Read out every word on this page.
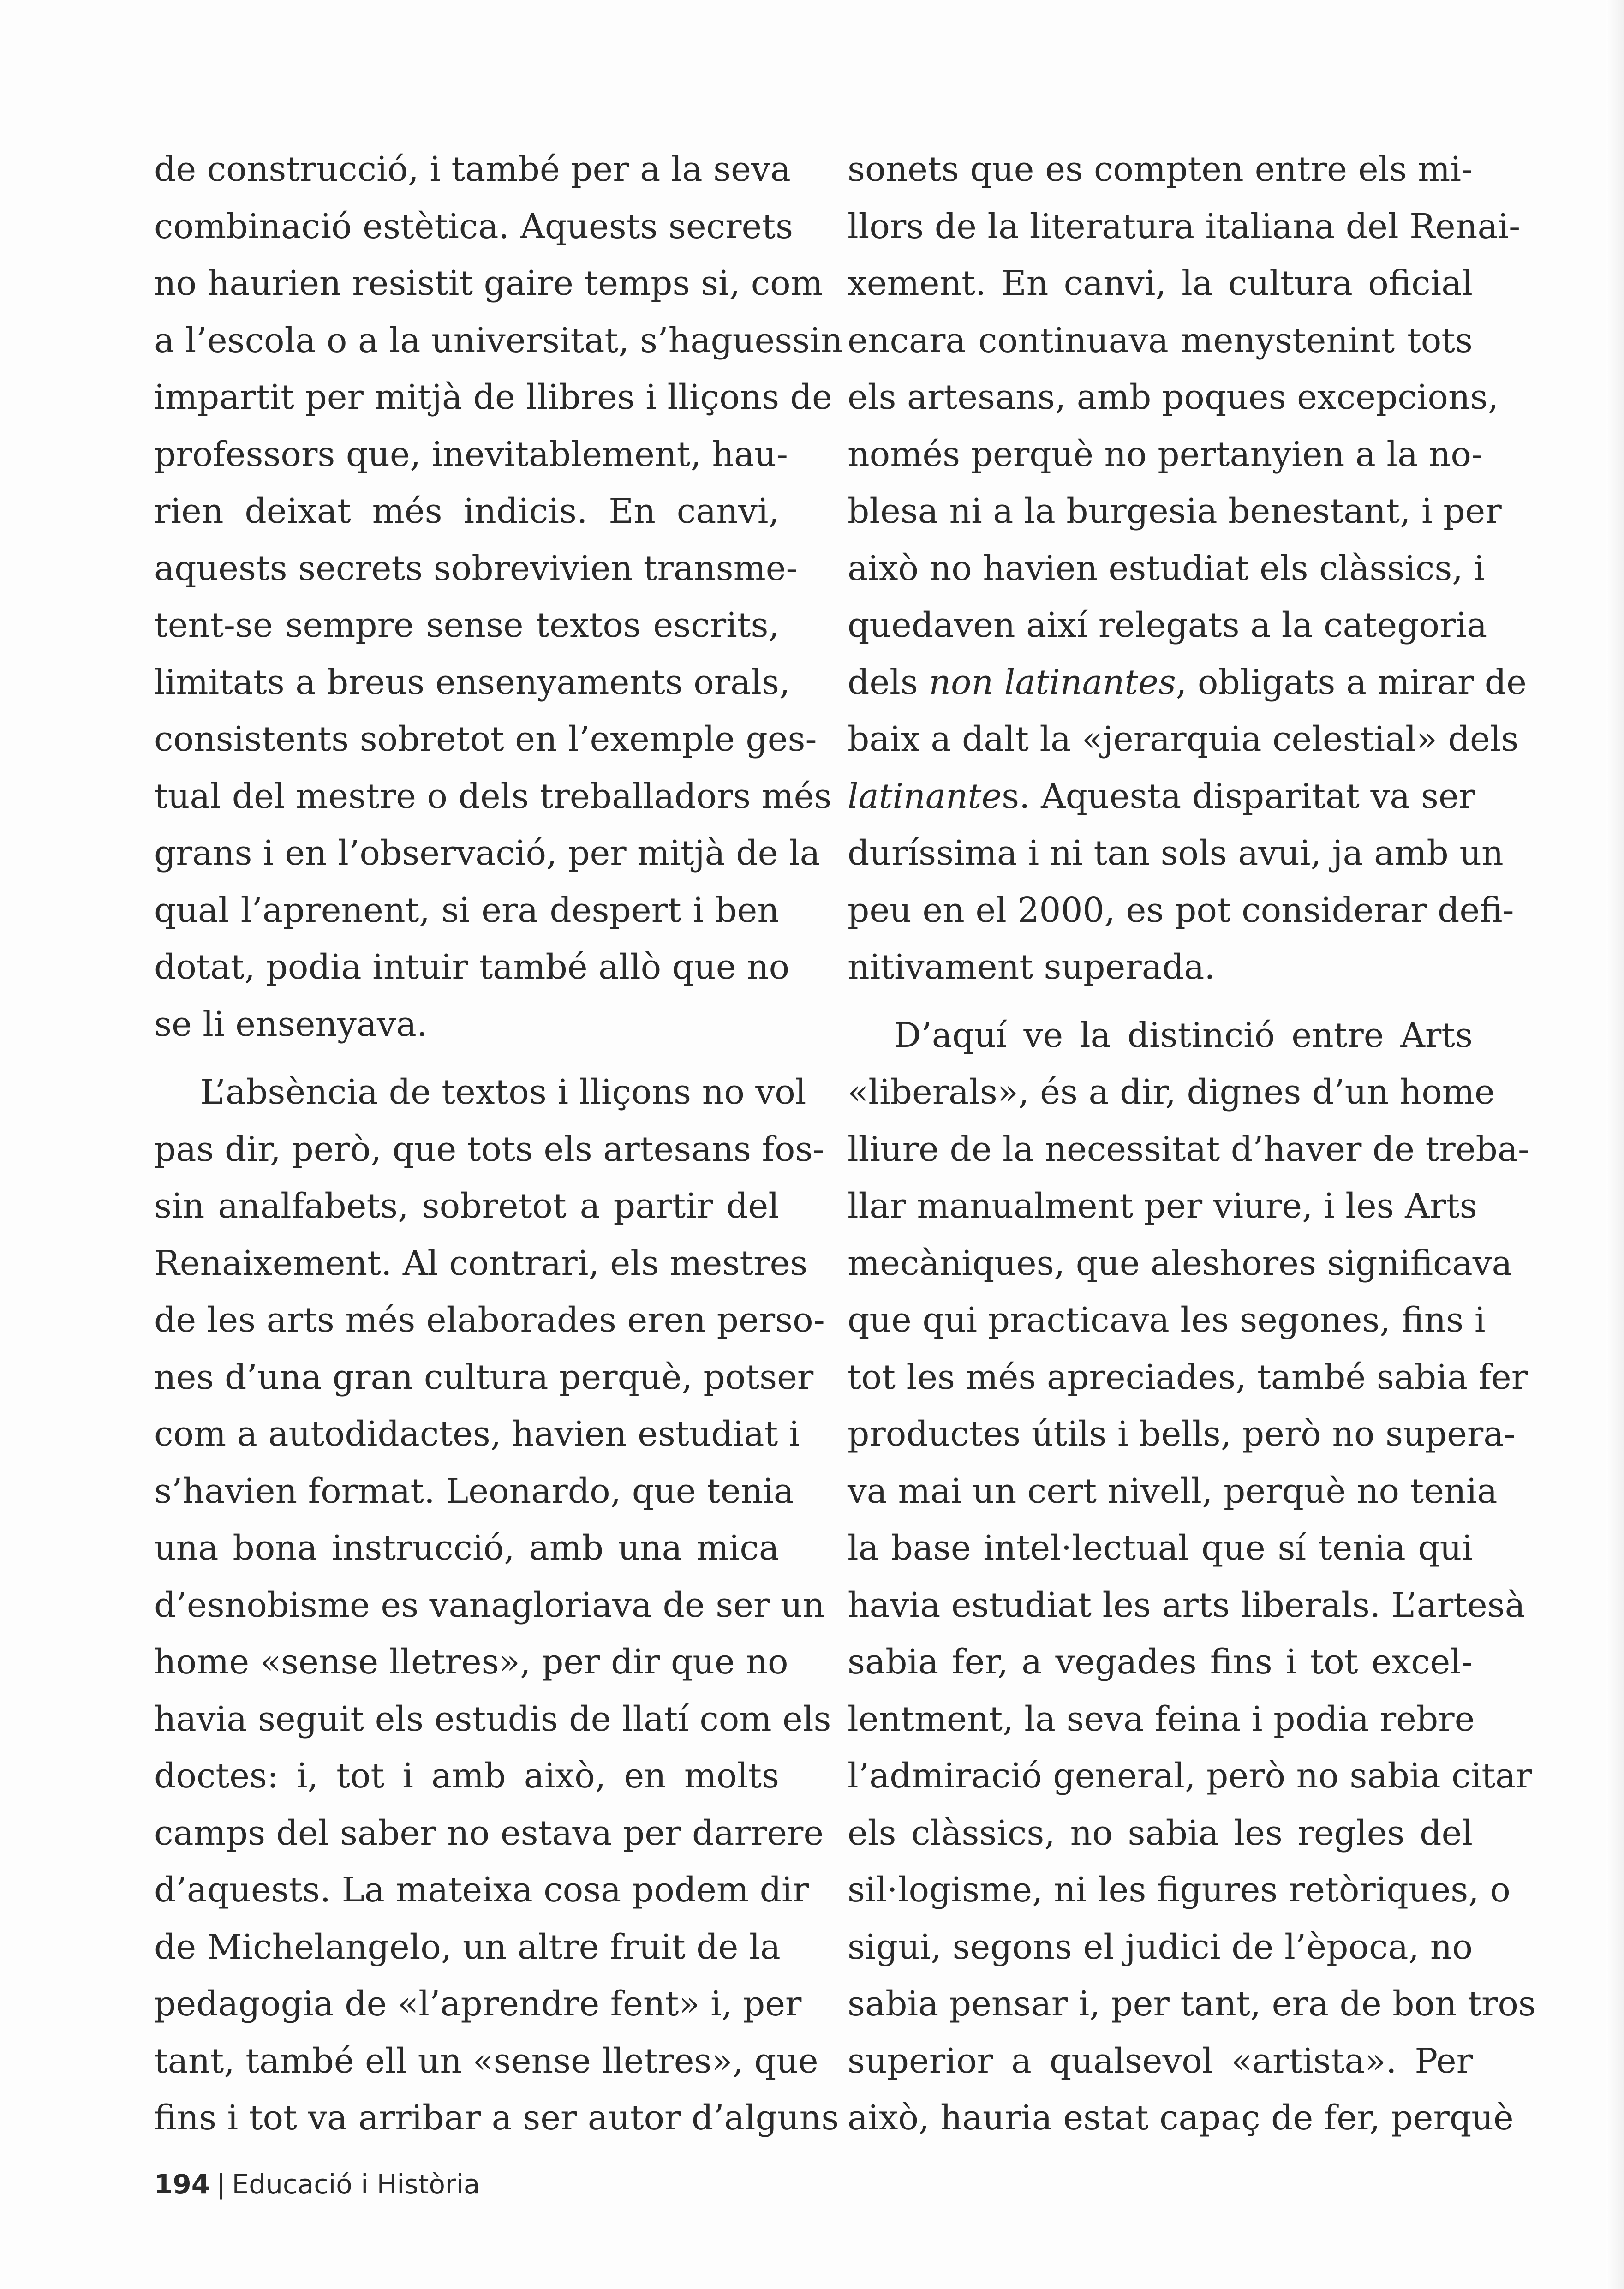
de construcció, i també per a la seva
combinació estètica. Aquests secrets
no haurien resistit gaire temps si, com
a l’escola o a la universitat, s’haguessin
impartit per mitjà de llibres i lliçons de
professors que, inevitablement, hau-
rien deixat més indicis. En canvi,
aquests secrets sobrevivien transme-
tent-se sempre sense textos escrits,
limitats a breus ensenyaments orals,
consistents sobretot en l’exemple ges-
tual del mestre o dels treballadors més
grans i en l’observació, per mitjà de la
qual l’aprenent, si era despert i ben
dotat, podia intuir també allò que no
se li ensenyava.
L’absència de textos i lliçons no vol
pas dir, però, que tots els artesans fos-
sin analfabets, sobretot a partir del
Renaixement. Al contrari, els mestres
de les arts més elaborades eren perso-
nes d’una gran cultura perquè, potser
com a autodidactes, havien estudiat i
s’havien format. Leonardo, que tenia
una bona instrucció, amb una mica
d’esnobisme es vanagloriava de ser un
home «sense lletres», per dir que no
havia seguit els estudis de llatí com els
doctes: i, tot i amb això, en molts
camps del saber no estava per darrere
d’aquests. La mateixa cosa podem dir
de Michelangelo, un altre fruit de la
pedagogia de «l’aprendre fent» i, per
tant, també ell un «sense lletres», que
fins i tot va arribar a ser autor d’alguns
sonets que es compten entre els mi-
llors de la literatura italiana del Renai-
xement. En canvi, la cultura oficial
encara continuava menystenint tots
els artesans, amb poques excepcions,
només perquè no pertanyien a la no-
blesa ni a la burgesia benestant, i per
això no havien estudiat els clàssics, i
quedaven així relegats a la categoria
dels non latinantes, obligats a mirar de
baix a dalt la «jerarquia celestial» dels
latinantes. Aquesta disparitat va ser
duríssima i ni tan sols avui, ja amb un
peu en el 2000, es pot considerar defi-
nitivament superada.
D’aquí ve la distinció entre Arts
«liberals», és a dir, dignes d’un home
lliure de la necessitat d’haver de treba-
llar manualment per viure, i les Arts
mecàniques, que aleshores significava
que qui practicava les segones, fins i
tot les més apreciades, també sabia fer
productes útils i bells, però no supera-
va mai un cert nivell, perquè no tenia
la base intel·lectual que sí tenia qui
havia estudiat les arts liberals. L’artesà
sabia fer, a vegades fins i tot excel-
lentment, la seva feina i podia rebre
l’admiració general, però no sabia citar
els clàssics, no sabia les regles del
sil·logisme, ni les figures retòriques, o
sigui, segons el judici de l’època, no
sabia pensar i, per tant, era de bon tros
superior a qualsevol «artista». Per
això, hauria estat capaç de fer, perquè
194 | Educació i Història
